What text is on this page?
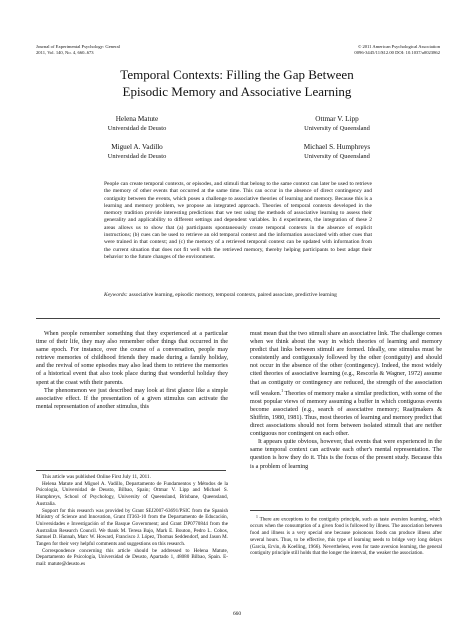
Journal of Experimental Psychology: General
2011, Vol. 140, No. 4, 660–673
© 2011 American Psychological Association
0096-3445/11/$12.00 DOI: 10.1037/a0023862
Temporal Contexts: Filling the Gap Between
Episodic Memory and Associative Learning
Helena Matute
Universidad de Deusto
Ottmar V. Lipp
University of Queensland
Miguel A. Vadillo
Universidad de Deusto
Michael S. Humphreys
University of Queensland
People can create temporal contexts, or episodes, and stimuli that belong to the same context can later be used to retrieve the memory of other events that occurred at the same time. This can occur in the absence of direct contingency and contiguity between the events, which poses a challenge to associative theories of learning and memory. Because this is a learning and memory problem, we propose an integrated approach. Theories of temporal contexts developed in the memory tradition provide interesting predictions that we test using the methods of associative learning to assess their generality and applicability to different settings and dependent variables. In 4 experiments, the integration of these 2 areas allows us to show that (a) participants spontaneously create temporal contexts in the absence of explicit instructions; (b) cues can be used to retrieve an old temporal context and the information associated with other cues that were trained in that context; and (c) the memory of a retrieved temporal context can be updated with information from the current situation that does not fit well with the retrieved memory, thereby helping participants to best adapt their behavior to the future changes of the environment.
Keywords: associative learning, episodic memory, temporal contexts, paired associate, predictive learning

When people remember something that they experienced at a particular time of their life, they may also remember other things that occurred in the same epoch. For instance, over the course of a conversation, people may retrieve memories of childhood friends they made during a family holiday, and the revival of some episodes may also lead them to retrieve the memories of a historical event that also took place during that wonderful holiday they spent at the coast with their parents.

The phenomenon we just described may look at first glance like a simple associative effect. If the presentation of a given stimulus can activate the mental representation of another stimulus, this

This article was published Online First July 11, 2011.

Helena Matute and Miguel A. Vadillo, Departamento de Fundamentos y Métodos de la Psicología, Universidad de Deusto, Bilbao, Spain; Ottmar V. Lipp and Michael S. Humphreys, School of Psychology, University of Queensland, Brisbane, Queensland, Australia.

Support for this research was provided by Grant SEJ2007-63691/PSIC from the Spanish Ministry of Science and Innovation, Grant IT363-10 from the Departamento de Educación, Universidades e Investigación of the Basque Government; and Grant DP0770844 from the Australian Research Council. We thank M. Teresa Bajo, Mark E. Bouton, Pedro L. Cobos, Samuel D. Hannah, Marc W. Howard, Francisco J. López, Thomas Seddendorf, and Jason M. Tangen for their very helpful comments and suggestions on this research.

Correspondence concerning this article should be addressed to Helena Matute, Departamento de Psicología, Universidad de Deusto, Apartado 1, 48080 Bilbao, Spain. E-mail: matute@deusto.es

must mean that the two stimuli share an associative link. The challenge comes when we think about the way in which theories of learning and memory predict that links between stimuli are formed. Ideally, one stimulus must be consistently and contiguously followed by the other (contiguity) and should not occur in the absence of the other (contingency). Indeed, the most widely cited theories of associative learning (e.g., Rescorla & Wagner, 1972) assume that as contiguity or contingency are reduced, the strength of the association will weaken.$^1$ Theories of memory make a similar prediction, with some of the most popular views of memory assuming a buffer in which contiguous events become associated (e.g., search of associative memory; Raaijmakers & Shiffrin, 1980, 1981). Thus, most theories of learning and memory predict that direct associations should not form between isolated stimuli that are neither contiguous nor contingent on each other.

It appears quite obvious, however, that events that were experienced in the same temporal context can activate each other's mental representation. The question is how they do it. This is the focus of the present study. Because this is a problem of learning

$^1$ There are exceptions to the contiguity principle, such as taste aversion learning, which occurs when the consumption of a given food is followed by illness. The association between food and illness is a very special one because poisonous foods can produce illness after several hours. Thus, to be effective, this type of learning needs to bridge very long delays (Garcia, Ervin, & Koelling, 1966). Nevertheless, even for taste aversion learning, the general contiguity principle still holds that the longer the interval, the weaker the association.
660
